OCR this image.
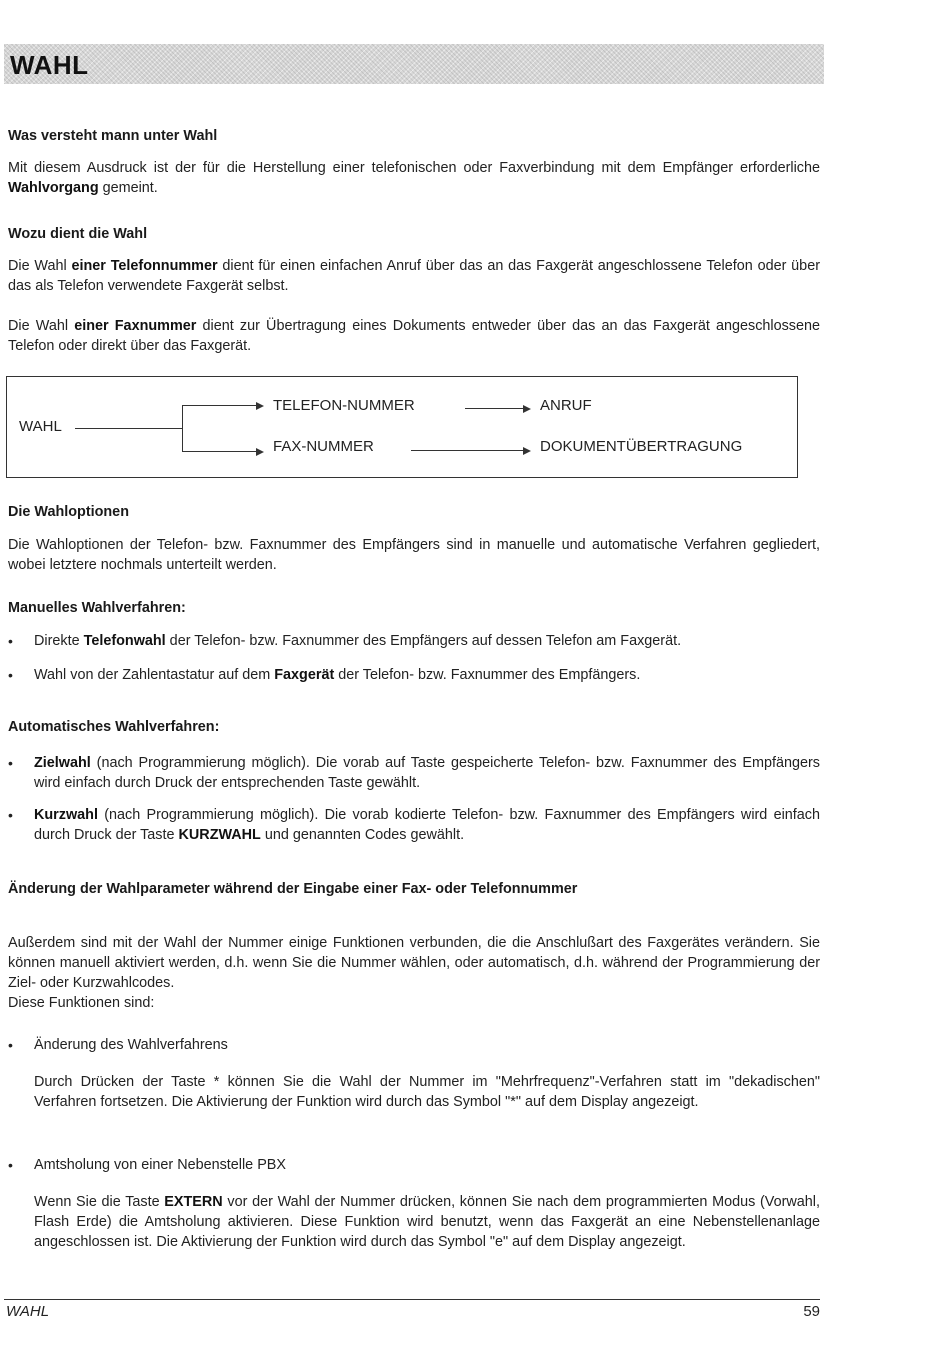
WAHL
Was versteht mann unter Wahl
Mit diesem Ausdruck ist der für die Herstellung einer telefonischen oder Faxverbindung mit dem Empfänger erforderliche Wahlvorgang gemeint.
Wozu dient die Wahl
Die Wahl einer Telefonnummer dient für einen einfachen Anruf über das an das Faxgerät angeschlossene Telefon oder über das als Telefon verwendete Faxgerät selbst.
Die Wahl einer Faxnummer dient zur Übertragung eines Dokuments entweder über das an das Faxgerät angeschlossene Telefon oder direkt über das Faxgerät.
WAHL
TELEFON-NUMMER	ANRUF
FAX-NUMMER	DOKUMENTÜBERTRAGUNG
Die Wahloptionen
Die Wahloptionen der Telefon- bzw. Faxnummer des Empfängers sind in manuelle und automatische Verfahren gegliedert, wobei letztere nochmals unterteilt werden.
Manuelles Wahlverfahren:
• Direkte Telefonwahl der Telefon- bzw. Faxnummer des Empfängers auf dessen Telefon am Faxgerät.
• Wahl von der Zahlentastatur auf dem Faxgerät der Telefon- bzw. Faxnummer des Empfängers.
Automatisches Wahlverfahren:
• Zielwahl (nach Programmierung möglich). Die vorab auf Taste gespeicherte Telefon- bzw. Faxnummer des Empfängers wird einfach durch Druck der entsprechenden Taste gewählt.
• Kurzwahl (nach Programmierung möglich). Die vorab kodierte Telefon- bzw. Faxnummer des Empfängers wird einfach durch Druck der Taste KURZWAHL und genannten Codes gewählt.
Änderung der Wahlparameter während der Eingabe einer Fax- oder Telefonnummer
Außerdem sind mit der Wahl der Nummer einige Funktionen verbunden, die die Anschlußart des Faxgerätes verändern. Sie können manuell aktiviert werden, d.h. wenn Sie die Nummer wählen, oder automatisch, d.h. während der Programmierung der Ziel- oder Kurzwahlcodes.
Diese Funktionen sind:
• Änderung des Wahlverfahrens
Durch Drücken der Taste * können Sie die Wahl der Nummer im "Mehrfrequenz"-Verfahren statt im "dekadischen" Verfahren fortsetzen. Die Aktivierung der Funktion wird durch das Symbol "*" auf dem Display angezeigt.
• Amtsholung von einer Nebenstelle PBX
Wenn Sie die Taste EXTERN vor der Wahl der Nummer drücken, können Sie nach dem programmierten Modus (Vorwahl, Flash Erde) die Amtsholung aktivieren. Diese Funktion wird benutzt, wenn das Faxgerät an eine Nebenstellenanlage angeschlossen ist. Die Aktivierung der Funktion wird durch das Symbol "e" auf dem Display angezeigt.
WAHL	59
